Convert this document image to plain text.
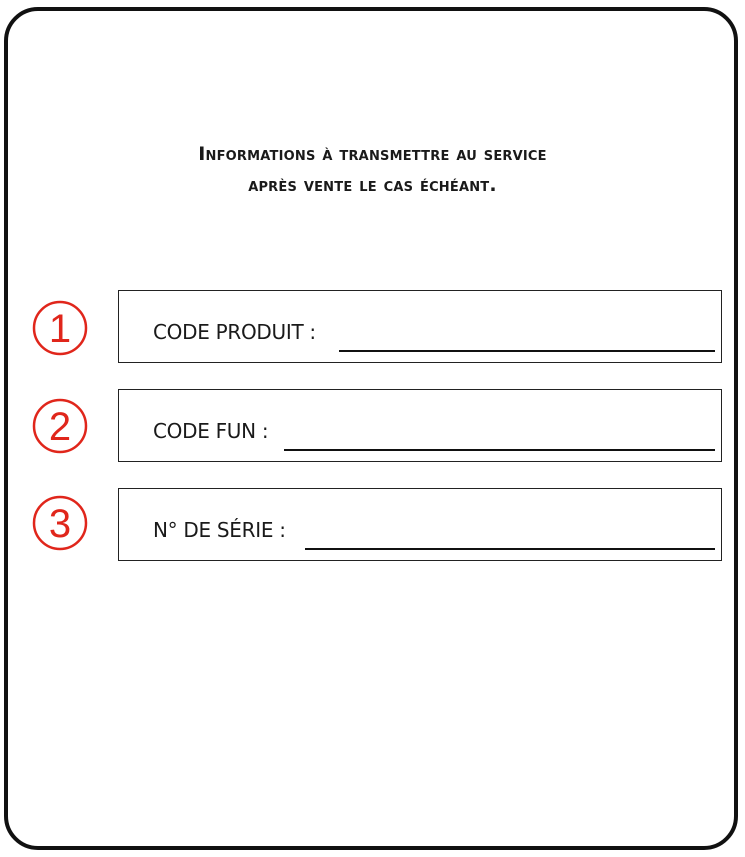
Informations à transmettre au service
après vente le cas échéant.
1	CODE PRODUIT :
2	CODE FUN :
3	N° DE SÉRIE :
